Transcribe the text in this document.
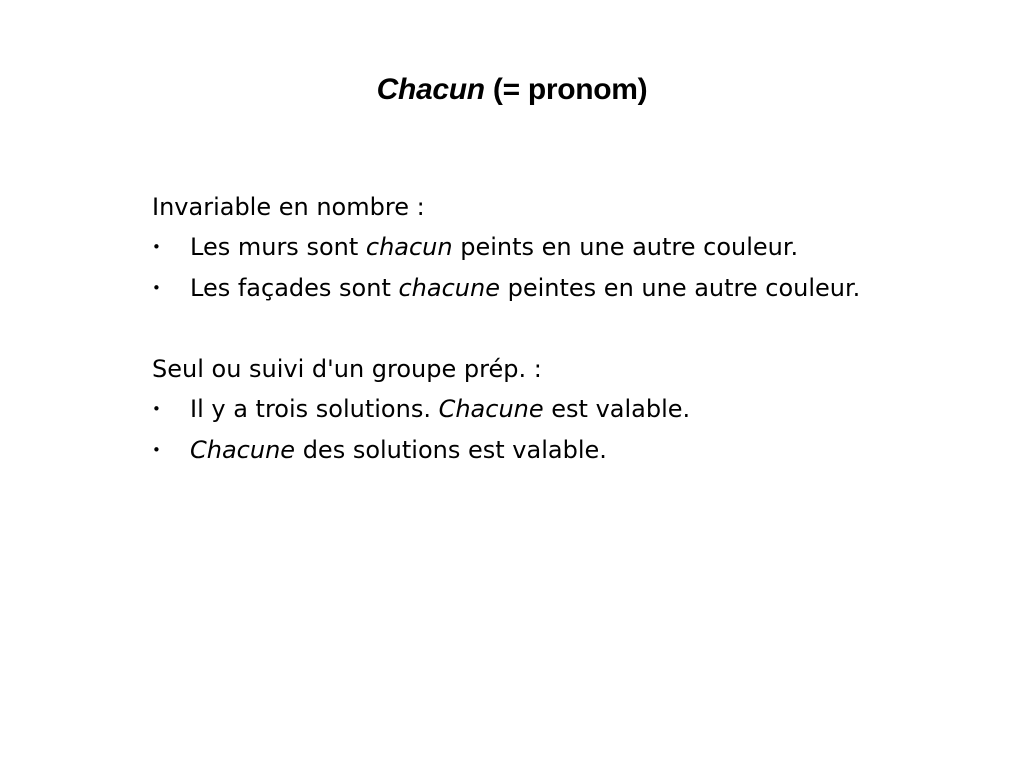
Chacun (= pronom)

Invariable en nombre :

• Les murs sont chacun peints en une autre couleur.
• Les façades sont chacune peintes en une autre couleur.

Seul ou suivi d'un groupe prép. :

• Il y a trois solutions. Chacune est valable.
• Chacune des solutions est valable.
